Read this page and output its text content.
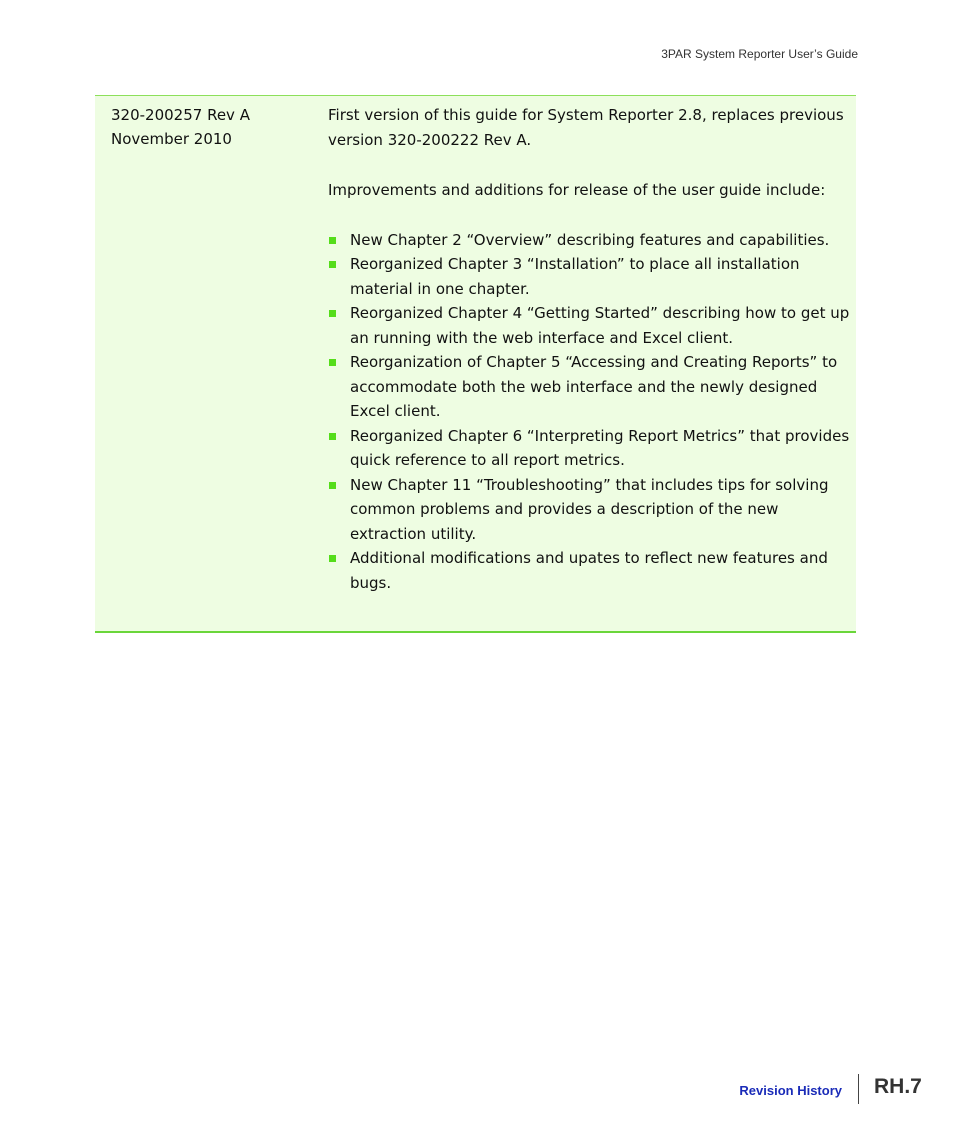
3PAR System Reporter User’s Guide
320-200257 Rev A
November 2010

First version of this guide for System Reporter 2.8, replaces previous version 320-200222 Rev A.

Improvements and additions for release of the user guide include:

New Chapter 2 “Overview” describing features and capabilities.
Reorganized Chapter 3 “Installation” to place all installation material in one chapter.
Reorganized Chapter 4 “Getting Started” describing how to get up an running with the web interface and Excel client.
Reorganization of Chapter 5 “Accessing and Creating Reports” to accommodate both the web interface and the newly designed Excel client.
Reorganized Chapter 6 “Interpreting Report Metrics” that provides quick reference to all report metrics.
New Chapter 11 “Troubleshooting” that includes tips for solving common problems and provides a description of the new extraction utility.
Additional modifications and upates to reflect new features and bugs.
Revision History RH.7
